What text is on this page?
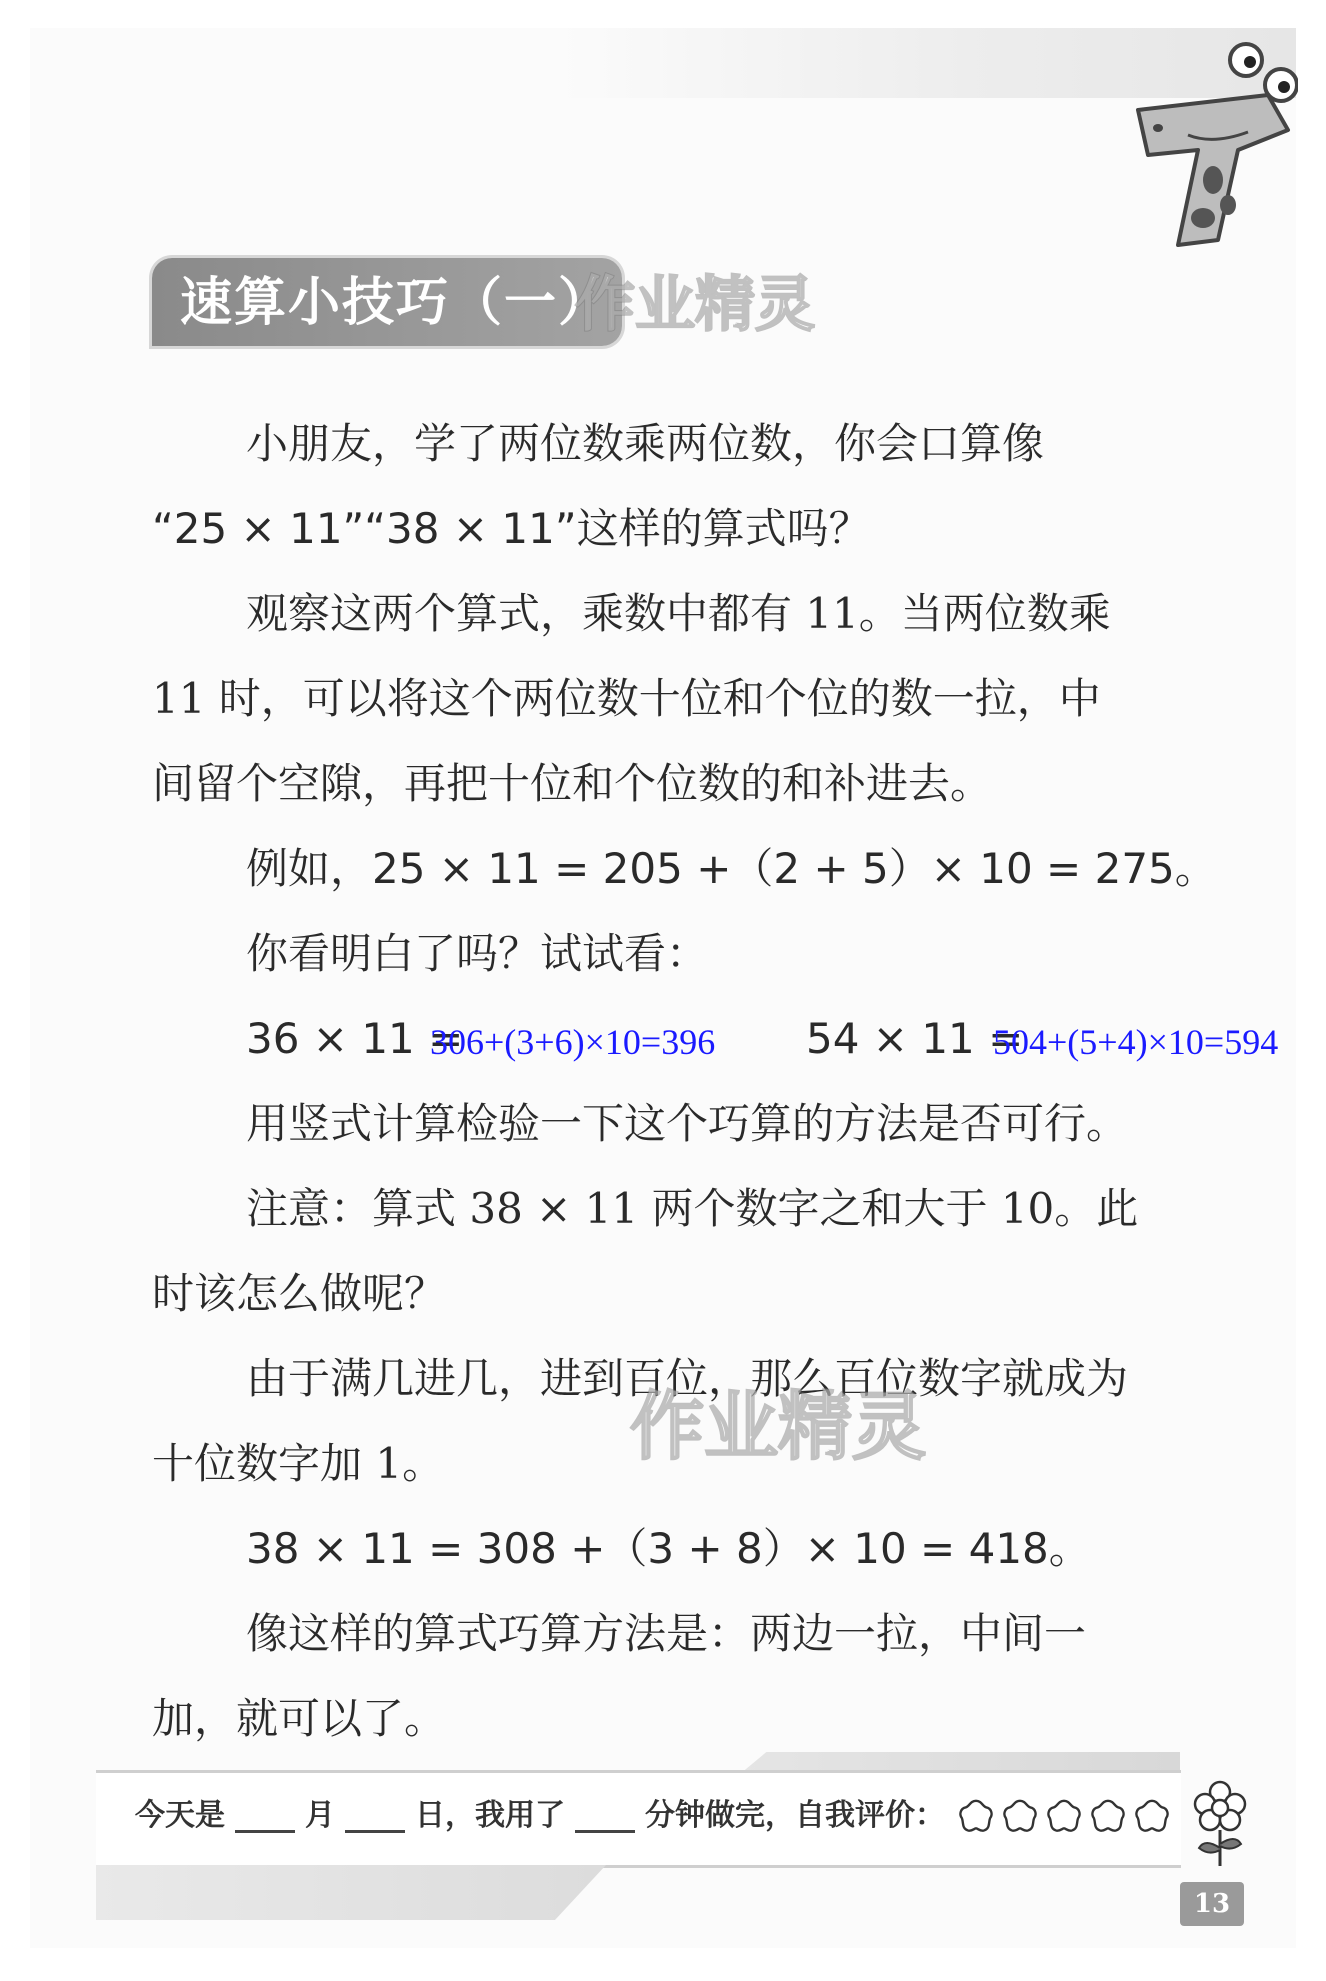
速算小技巧（一）
作业精灵
小朋友，学了两位数乘两位数，你会口算像
“25 × 11”“38 × 11”这样的算式吗？
观察这两个算式，乘数中都有 11。当两位数乘
11 时，可以将这个两位数十位和个位的数一拉，中
间留个空隙，再把十位和个位数的和补进去。
例如，25 × 11 = 205 +（2 + 5）× 10 = 275。
你看明白了吗？试试看：
36 × 11 =
306+(3+6)×10=396 54 × 11 =
504+(5+4)×10=594
用竖式计算检验一下这个巧算的方法是否可行。
注意：算式 38 × 11 两个数字之和大于 10。此
时该怎么做呢？
由于满几进几，进到百位，那么百位数字就成为
十位数字加 1。	作业精灵
38 × 11 = 308 +（3 + 8）× 10 = 418。
像这样的算式巧算方法是：两边一拉，中间一
加，就可以了。
今天是	月	日，我用了	分钟做完，自我评价：
13
